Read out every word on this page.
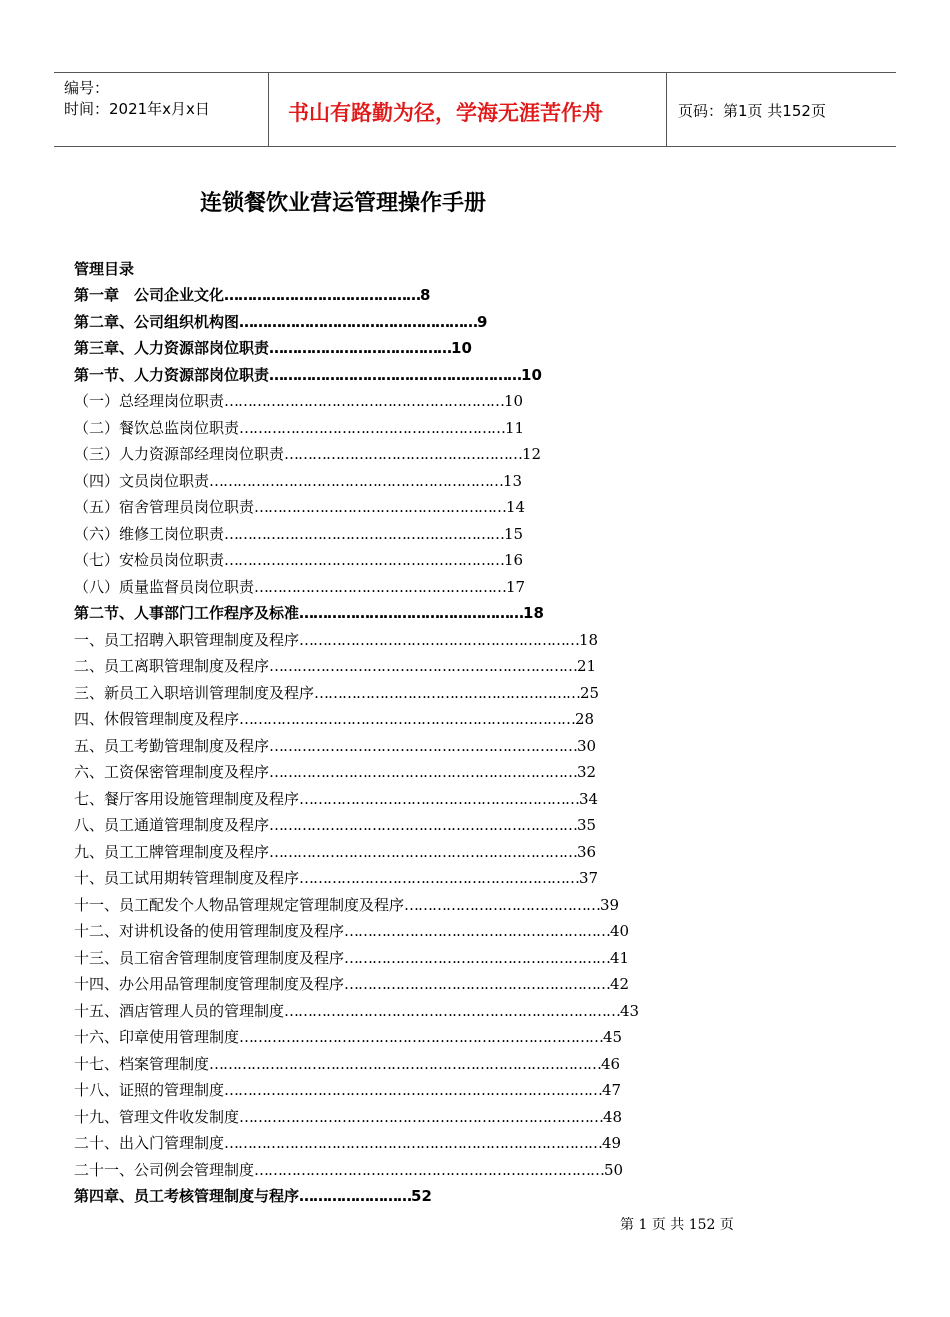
编号：
时间：2021年x月x日	书山有路勤为径，学海无涯苦作舟	页码：第1页 共152页
连锁餐饮业营运管理操作手册
管理目录
第一章　公司企业文化……………………………………8
第二章、公司组织机构图……………………………………………9
第三章、人力资源部岗位职责…………………………………10
第一节、人力资源部岗位职责………………………………………………10
（一）总经理岗位职责……………………………………………………10
（二）餐饮总监岗位职责…………………………………………………11
（三）人力资源部经理岗位职责……………………………………………12
（四）文员岗位职责………………………………………………………13
（五）宿舍管理员岗位职责………………………………………………14
（六）维修工岗位职责……………………………………………………15
（七）安检员岗位职责……………………………………………………16
（八）质量监督员岗位职责………………………………………………17
第二节、人事部门工作程序及标准…………………………………………18
一、员工招聘入职管理制度及程序……………………………………………………18
二、员工离职管理制度及程序…………………………………………………………21
三、新员工入职培训管理制度及程序…………………………………………………25
四、休假管理制度及程序………………………………………………………………28
五、员工考勤管理制度及程序…………………………………………………………30
六、工资保密管理制度及程序…………………………………………………………32
七、餐厅客用设施管理制度及程序……………………………………………………34
八、员工通道管理制度及程序…………………………………………………………35
九、员工工牌管理制度及程序…………………………………………………………36
十、员工试用期转管理制度及程序……………………………………………………37
十一、员工配发个人物品管理规定管理制度及程序……………………………………39
十二、对讲机设备的使用管理制度及程序…………………………………………………40
十三、员工宿舍管理制度管理制度及程序…………………………………………………41
十四、办公用品管理制度管理制度及程序…………………………………………………42
十五、酒店管理人员的管理制度………………………………………………………………43
十六、印章使用管理制度……………………………………………………………………45
十七、档案管理制度…………………………………………………………………………46
十八、证照的管理制度………………………………………………………………………47
十九、管理文件收发制度……………………………………………………………………48
二十、出入门管理制度………………………………………………………………………49
二十一、公司例会管理制度…………………………………………………………………50
第四章、员工考核管理制度与程序……………………52
第 1 页 共 152 页
